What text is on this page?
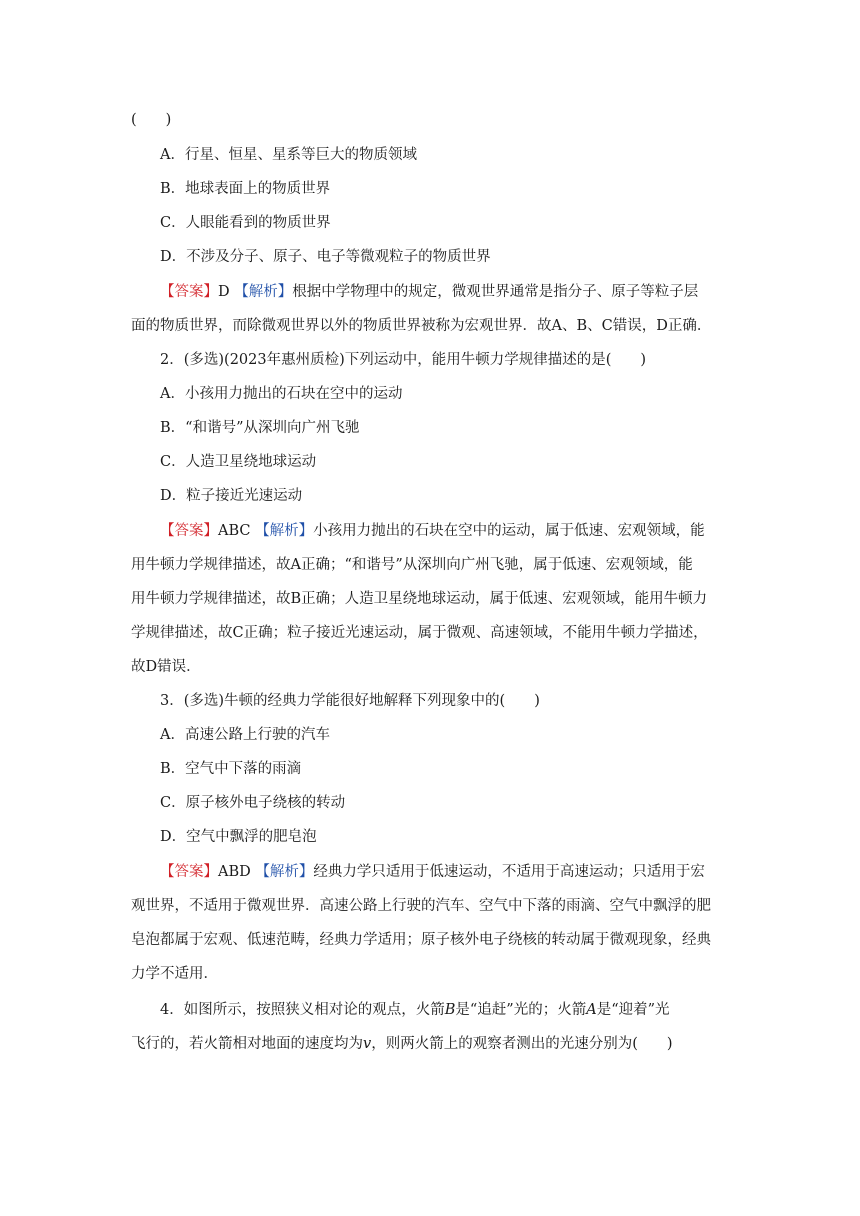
(　　)
A．行星、恒星、星系等巨大的物质领域
B．地球表面上的物质世界
C．人眼能看到的物质世界
D．不涉及分子、原子、电子等微观粒子的物质世界
【答案】D 【解析】根据中学物理中的规定，微观世界通常是指分子、原子等粒子层
面的物质世界，而除微观世界以外的物质世界被称为宏观世界．故A、B、C错误，D正确．
2．(多选)(2023年惠州质检)下列运动中，能用牛顿力学规律描述的是(　　)
A．小孩用力抛出的石块在空中的运动
B．“和谐号”从深圳向广州飞驰
C．人造卫星绕地球运动
D．粒子接近光速运动
【答案】ABC 【解析】小孩用力抛出的石块在空中的运动，属于低速、宏观领域，能
用牛顿力学规律描述，故A正确；“和谐号”从深圳向广州飞驰，属于低速、宏观领域，能
用牛顿力学规律描述，故B正确；人造卫星绕地球运动，属于低速、宏观领域，能用牛顿力
学规律描述，故C正确；粒子接近光速运动，属于微观、高速领域，不能用牛顿力学描述，
故D错误．
3．(多选)牛顿的经典力学能很好地解释下列现象中的(　　)
A．高速公路上行驶的汽车
B．空气中下落的雨滴
C．原子核外电子绕核的转动
D．空气中飘浮的肥皂泡
【答案】ABD 【解析】经典力学只适用于低速运动，不适用于高速运动；只适用于宏
观世界，不适用于微观世界．高速公路上行驶的汽车、空气中下落的雨滴、空气中飘浮的肥
皂泡都属于宏观、低速范畴，经典力学适用；原子核外电子绕核的转动属于微观现象，经典
力学不适用．
4．如图所示，按照狭义相对论的观点，火箭B是“追赶”光的；火箭A是“迎着”光
飞行的，若火箭相对地面的速度均为v，则两火箭上的观察者测出的光速分别为(　　)
